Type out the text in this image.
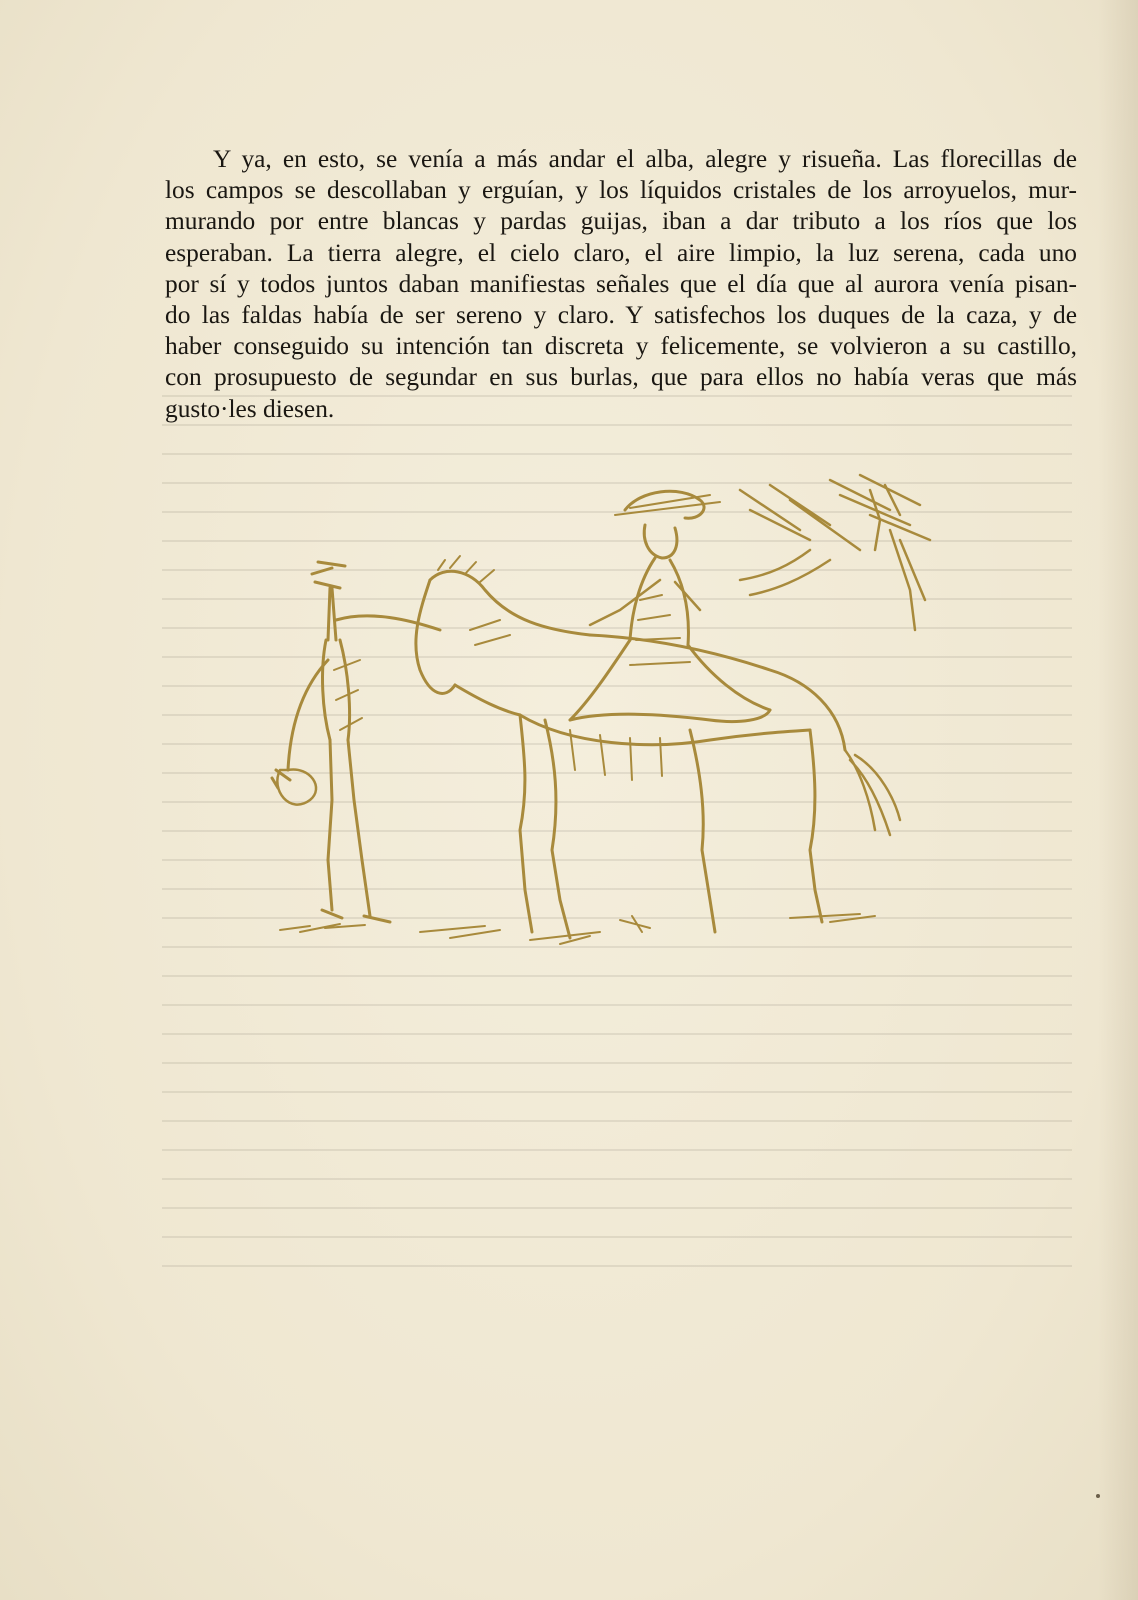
Y ya, en esto, se venía a más andar el alba, alegre y risueña. Las florecillas de
los campos se descollaban y erguían, y los líquidos cristales de los arroyuelos, mur-
murando por entre blancas y pardas guijas, iban a dar tributo a los ríos que los
esperaban. La tierra alegre, el cielo claro, el aire limpio, la luz serena, cada uno
por sí y todos juntos daban manifiestas señales que el día que al aurora venía pisan-
do las faldas había de ser sereno y claro. Y satisfechos los duques de la caza, y de
haber conseguido su intención tan discreta y felicemente, se volvieron a su castillo,
con prosupuesto de segundar en sus burlas, que para ellos no había veras que más
gusto·les diesen.
